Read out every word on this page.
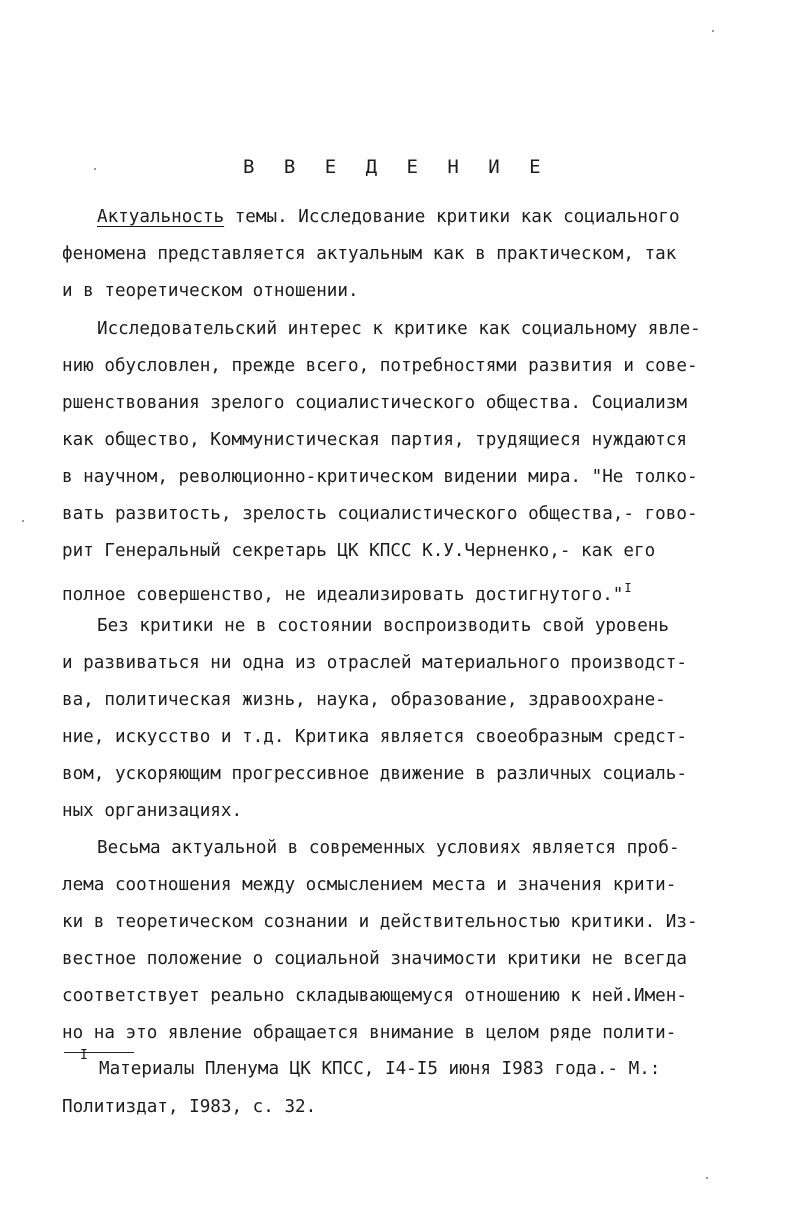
В В Е Д Е Н И Е
Актуальность темы. Исследование критики как социального
феномена представляется актуальным как в практическом, так
и в теоретическом отношении.
Исследовательский интерес к критике как социальному явле-
нию обусловлен, прежде всего, потребностями развития и сове-
ршенствования зрелого социалистического общества. Социализм
как общество, Коммунистическая партия, трудящиеся нуждаются
в научном, революционно-критическом видении мира. "Не толко-
вать развитость, зрелость социалистического общества,- гово-
рит Генеральный секретарь ЦК КПСС К.У.Черненко,- как его
полное совершенство, не идеализировать достигнутого."$^I$
Без критики не в состоянии воспроизводить свой уровень
и развиваться ни одна из отраслей материального производст-
ва, политическая жизнь, наука, образование, здравоохране-
ние, искусство и т.д. Критика является своеобразным средст-
вом, ускоряющим прогрессивное движение в различных социаль-
ных организациях.
Весьма актуальной в современных условиях является проб-
лема соотношения между осмыслением места и значения крити-
ки в теоретическом сознании и действительностью критики. Из-
вестное положение о социальной значимости критики не всегда
соответствует реально складывающемуся отношению к ней.Имен-
но на это явление обращается внимание в целом ряде полити-
I
Материалы Пленума ЦК КПСС, I4-I5 июня I983 года.- М.:
Политиздат, I983, с. 32.
